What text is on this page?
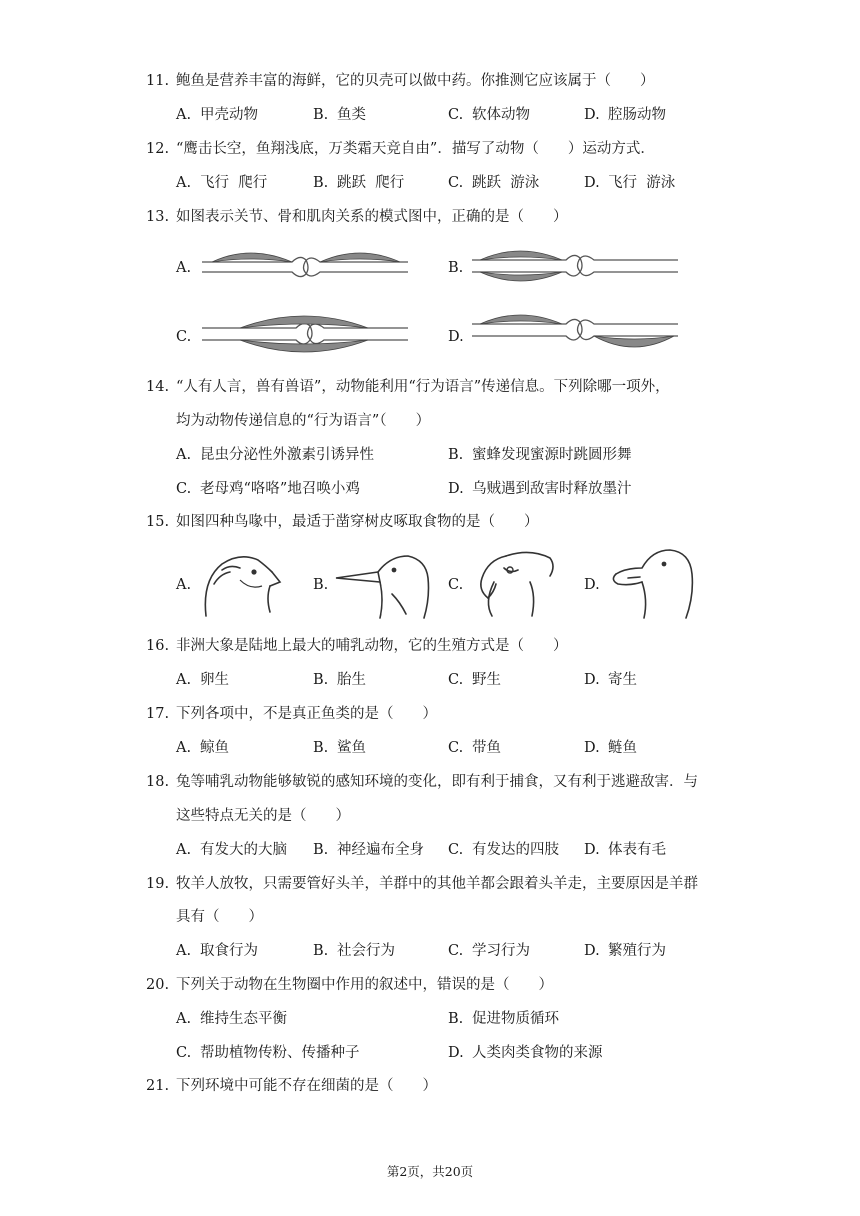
11. 鲍鱼是营养丰富的海鲜，它的贝壳可以做中药。你推测它应该属于（　　）
A. 甲壳动物	B. 鱼类	C. 软体动物	D. 腔肠动物
12. “鹰击长空，鱼翔浅底，万类霜天竞自由”．描写了动物（　　）运动方式．
A. 飞行  爬行	B. 跳跃  爬行	C. 跳跃  游泳	D. 飞行  游泳
13. 如图表示关节、骨和肌肉关系的模式图中，正确的是（　　）
A.	B.
C.	D.
14. “人有人言，兽有兽语”，动物能利用“行为语言”传递信息。下列除哪一项外，
均为动物传递信息的“行为语言”（　　）
A. 昆虫分泌性外激素引诱异性	B. 蜜蜂发现蜜源时跳圆形舞
C. 老母鸡“咯咯”地召唤小鸡	D. 乌贼遇到敌害时释放墨汁
15. 如图四种鸟喙中，最适于凿穿树皮啄取食物的是（　　）
A.	B.	C.	D.
16. 非洲大象是陆地上最大的哺乳动物，它的生殖方式是（　　）
A. 卵生	B. 胎生	C. 野生	D. 寄生
17. 下列各项中，不是真正鱼类的是（　　）
A. 鲸鱼	B. 鲨鱼	C. 带鱼	D. 鲢鱼
18. 兔等哺乳动物能够敏锐的感知环境的变化，即有利于捕食，又有利于逃避敌害．与
这些特点无关的是（　　）
A. 有发大的大脑 B. 神经遍布全身 C. 有发达的四肢 D. 体表有毛
19. 牧羊人放牧，只需要管好头羊，羊群中的其他羊都会跟着头羊走，主要原因是羊群
具有（　　）
A. 取食行为	B. 社会行为	C. 学习行为	D. 繁殖行为
20. 下列关于动物在生物圈中作用的叙述中，错误的是（　　）
A. 维持生态平衡	B. 促进物质循环
C. 帮助植物传粉、传播种子	D. 人类肉类食物的来源
21. 下列环境中可能不存在细菌的是（　　）
第2页，共20页
